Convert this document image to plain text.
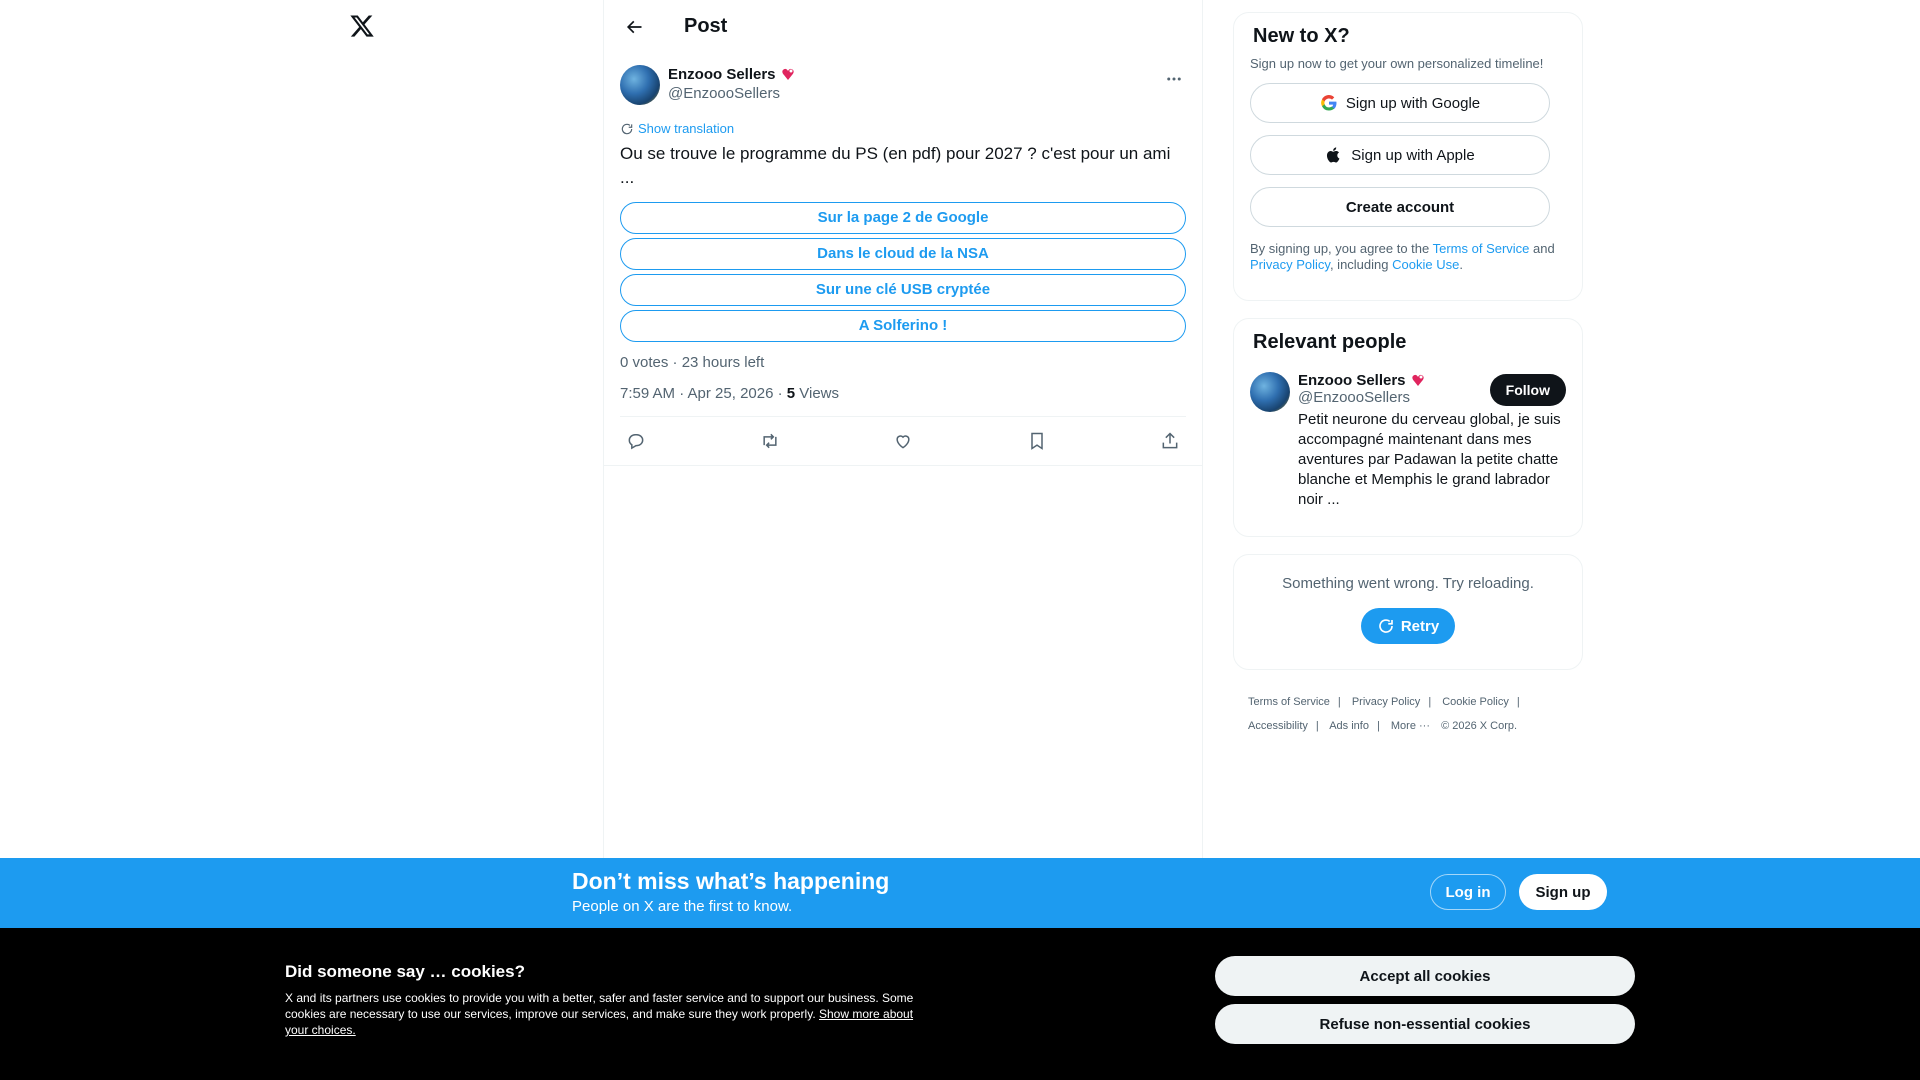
Post
Enzooo Sellers
@EnzoooSellers
Show translation
Ou se trouve le programme du PS (en pdf) pour 2027 ? c'est pour un ami
...
Sur la page 2 de Google
Dans le cloud de la NSA
Sur une clé USB cryptée
A Solferino !
0 votes · 23 hours left
7:59 AM · Apr 25, 2026 · 5 Views
New to X?
Sign up now to get your own personalized timeline!
Sign up with Google
Sign up with Apple
Create account
By signing up, you agree to the Terms of Service and Privacy Policy, including Cookie Use.
Relevant people
Enzooo Sellers
@EnzoooSellers
Petit neurone du cerveau global, je suis accompagné maintenant dans mes aventures par Padawan la petite chatte blanche et Memphis le grand labrador noir ...
Follow
Something went wrong. Try reloading.
Retry
Terms of Service | Privacy Policy | Cookie Policy |
Accessibility | Ads info | More ··· © 2026 X Corp.
Don’t miss what’s happening
People on X are the first to know.
Log in	Sign up
Did someone say … cookies?
X and its partners use cookies to provide you with a better, safer and faster service and to support our business. Some cookies are necessary to use our services, improve our services, and make sure they work properly. Show more about your choices.
Accept all cookies
Refuse non-essential cookies
